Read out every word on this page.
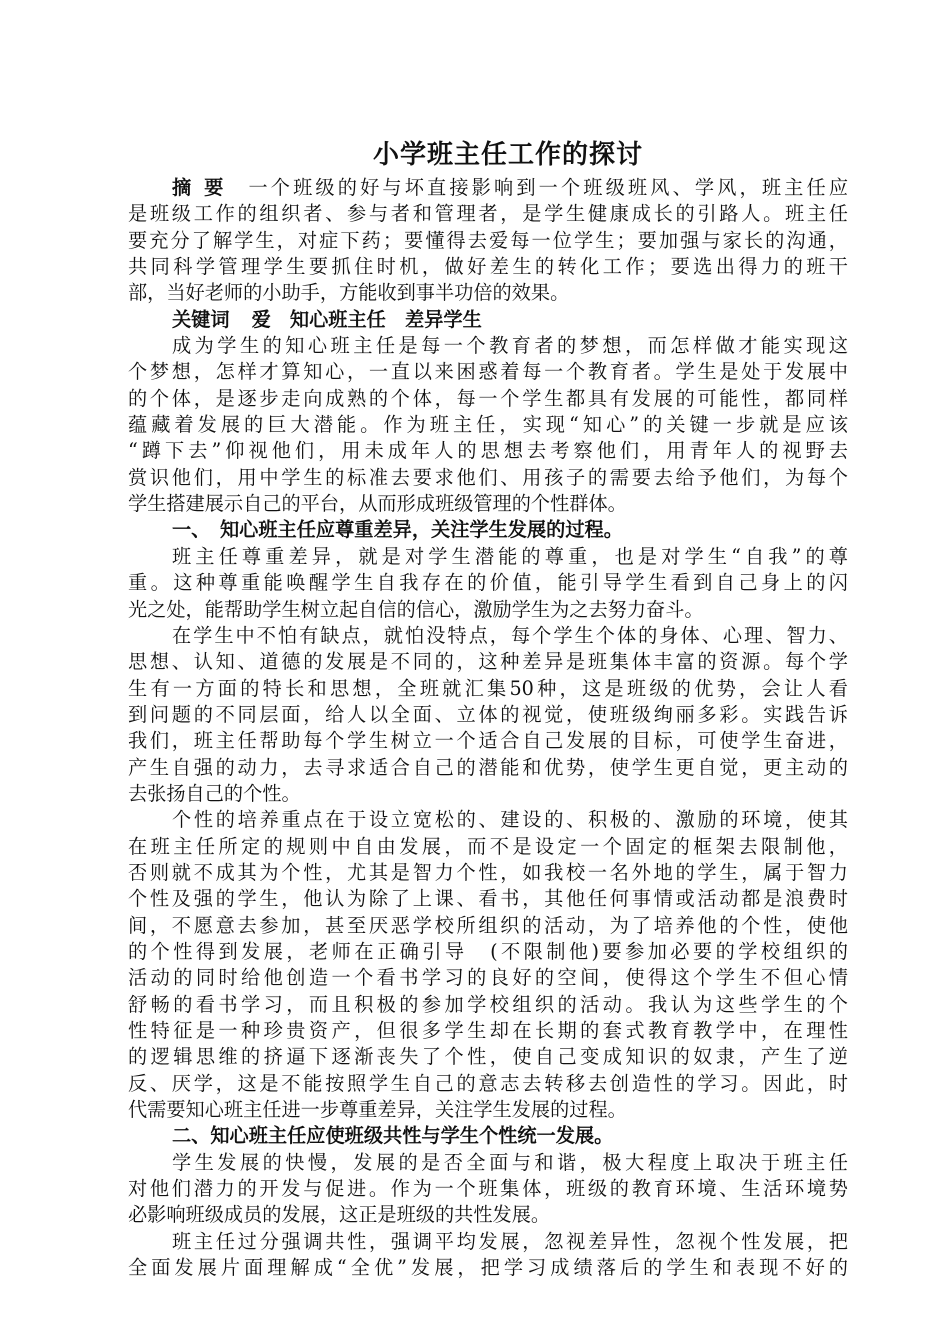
小学班主任工作的探讨
摘 要 一个班级的好与坏直接影响到一个班级班风、学风，班主任应
是班级工作的组织者、参与者和管理者，是学生健康成长的引路人。班主任
要充分了解学生，对症下药；要懂得去爱每一位学生；要加强与家长的沟通，
共同科学管理学生要抓住时机，做好差生的转化工作；要选出得力的班干
部，当好老师的小助手，方能收到事半功倍的效果。
关键词 爱　知心班主任　差异学生
成为学生的知心班主任是每一个教育者的梦想，而怎样做才能实现这
个梦想，怎样才算知心，一直以来困惑着每一个教育者。学生是处于发展中
的个体，是逐步走向成熟的个体，每一个学生都具有发展的可能性，都同样
蕴藏着发展的巨大潜能。作为班主任，实现“知心”的关键一步就是应该
“蹲下去”仰视他们，用未成年人的思想去考察他们，用青年人的视野去
赏识他们，用中学生的标准去要求他们、用孩子的需要去给予他们，为每个
学生搭建展示自己的平台，从而形成班级管理的个性群体。
一、　知心班主任应尊重差异，关注学生发展的过程。
班主任尊重差异，就是对学生潜能的尊重，也是对学生“自我”的尊
重。这种尊重能唤醒学生自我存在的价值，能引导学生看到自己身上的闪
光之处，能帮助学生树立起自信的信心，激励学生为之去努力奋斗。
在学生中不怕有缺点，就怕没特点，每个学生个体的身体、心理、智力、
思想、认知、道德的发展是不同的，这种差异是班集体丰富的资源。每个学
生有一方面的特长和思想，全班就汇集50种，这是班级的优势，会让人看
到问题的不同层面，给人以全面、立体的视觉，使班级绚丽多彩。实践告诉
我们，班主任帮助每个学生树立一个适合自己发展的目标，可使学生奋进，
产生自强的动力，去寻求适合自己的潜能和优势，使学生更自觉，更主动的
去张扬自己的个性。
个性的培养重点在于设立宽松的、建设的、积极的、激励的环境，使其
在班主任所定的规则中自由发展，而不是设定一个固定的框架去限制他，
否则就不成其为个性，尤其是智力个性，如我校一名外地的学生，属于智力
个性及强的学生，他认为除了上课、看书，其他任何事情或活动都是浪费时
间，不愿意去参加，甚至厌恶学校所组织的活动，为了培养他的个性，使他
的个性得到发展，老师在正确引导　(不限制他)要参加必要的学校组织的
活动的同时给他创造一个看书学习的良好的空间，使得这个学生不但心情
舒畅的看书学习，而且积极的参加学校组织的活动。我认为这些学生的个
性特征是一种珍贵资产，但很多学生却在长期的套式教育教学中，在理性
的逻辑思维的挤逼下逐渐丧失了个性，使自己变成知识的奴隶，产生了逆
反、厌学，这是不能按照学生自己的意志去转移去创造性的学习。因此，时
代需要知心班主任进一步尊重差异，关注学生发展的过程。
二、知心班主任应使班级共性与学生个性统一发展。
学生发展的快慢，发展的是否全面与和谐，极大程度上取决于班主任
对他们潜力的开发与促进。作为一个班集体，班级的教育环境、生活环境势
必影响班级成员的发展，这正是班级的共性发展。
班主任过分强调共性，强调平均发展，忽视差异性，忽视个性发展，把
全面发展片面理解成“全优”发展，把学习成绩落后的学生和表现不好的
